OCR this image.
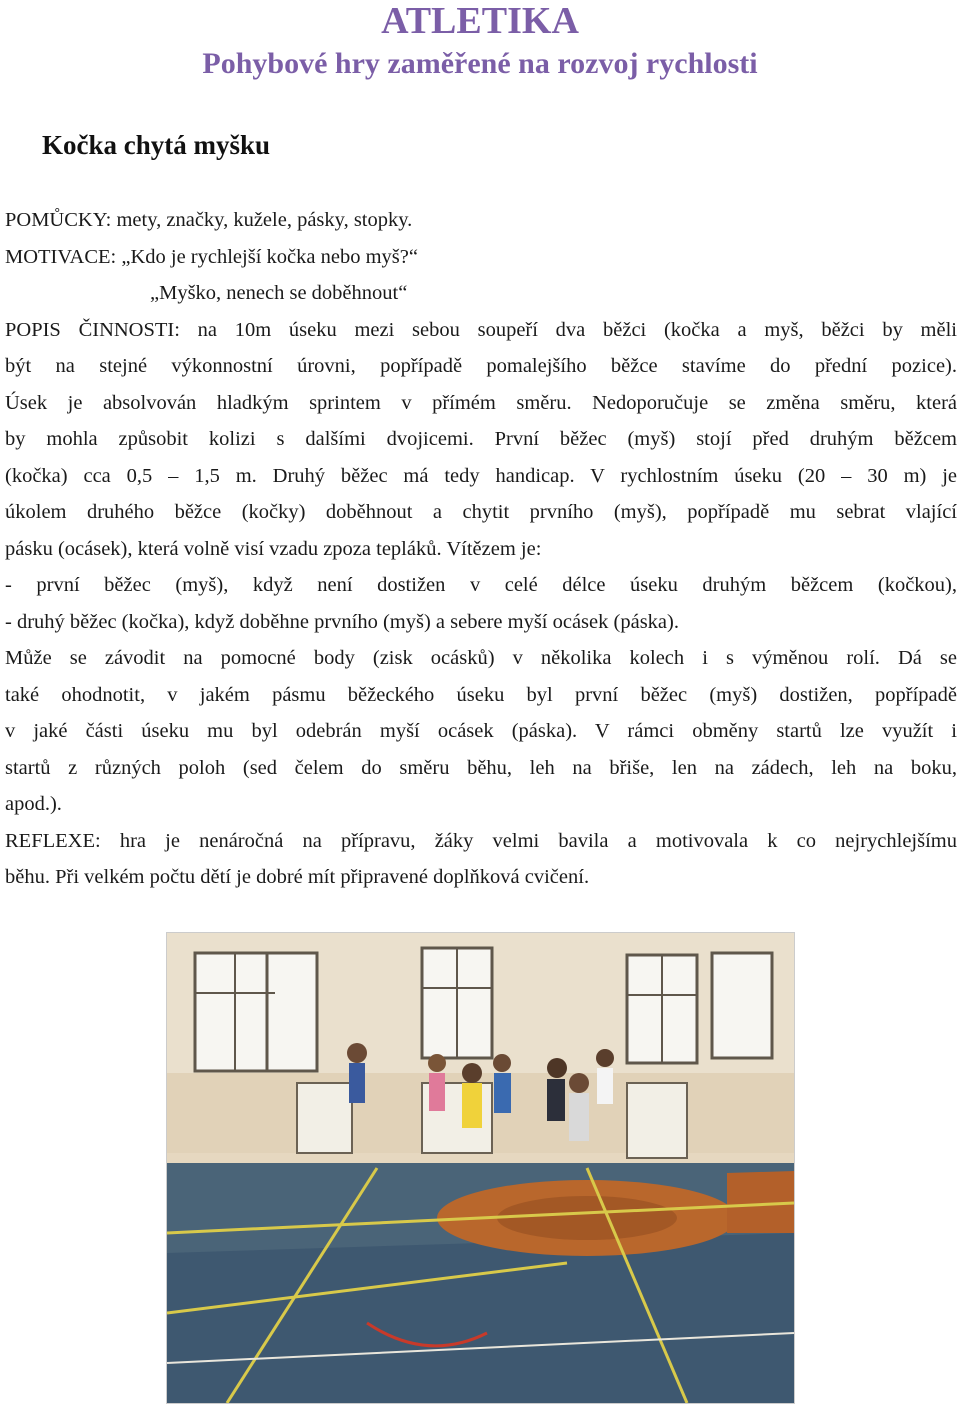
ATLETIKA
Pohybové hry zaměřené na rozvoj rychlosti
Kočka chytá myšku
POMŮCKY: mety, značky, kužele, pásky, stopky.
MOTIVACE: „Kdo je rychlejší kočka nebo myš?“
„Myško, nenech se doběhnout“
POPIS ČINNOSTI: na 10m úseku mezi sebou soupeří dva běžci (kočka a myš, běžci by měli
být na stejné výkonnostní úrovni, popřípadě pomalejšího běžce stavíme do přední pozice).
Úsek je absolvován hladkým sprintem v přímém směru. Nedoporučuje se změna směru, která
by mohla způsobit kolizi s dalšími dvojicemi. První běžec (myš) stojí před druhým běžcem
(kočka) cca 0,5 – 1,5 m. Druhý běžec má tedy handicap. V rychlostním úseku (20 – 30 m) je
úkolem druhého běžce (kočky) doběhnout a chytit prvního (myš), popřípadě mu sebrat vlající
pásku (ocásek), která volně visí vzadu zpoza tepláků. Vítězem je:
- první běžec (myš), když není dostižen v celé délce úseku druhým běžcem (kočkou),
- druhý běžec (kočka), když doběhne prvního (myš) a sebere myší ocásek (páska).
Může se závodit na pomocné body (zisk ocásků) v několika kolech i s výměnou rolí. Dá se
také ohodnotit, v jakém pásmu běžeckého úseku byl první běžec (myš) dostižen, popřípadě
v jaké části úseku mu byl odebrán myší ocásek (páska). V rámci obměny startů lze využít i
startů z různých poloh (sed čelem do směru běhu, leh na břiše, len na zádech, leh na boku,
apod.).
REFLEXE: hra je nenáročná na přípravu, žáky velmi bavila a motivovala k co nejrychlejšímu
běhu. Při velkém počtu dětí je dobré mít připravené doplňková cvičení.
